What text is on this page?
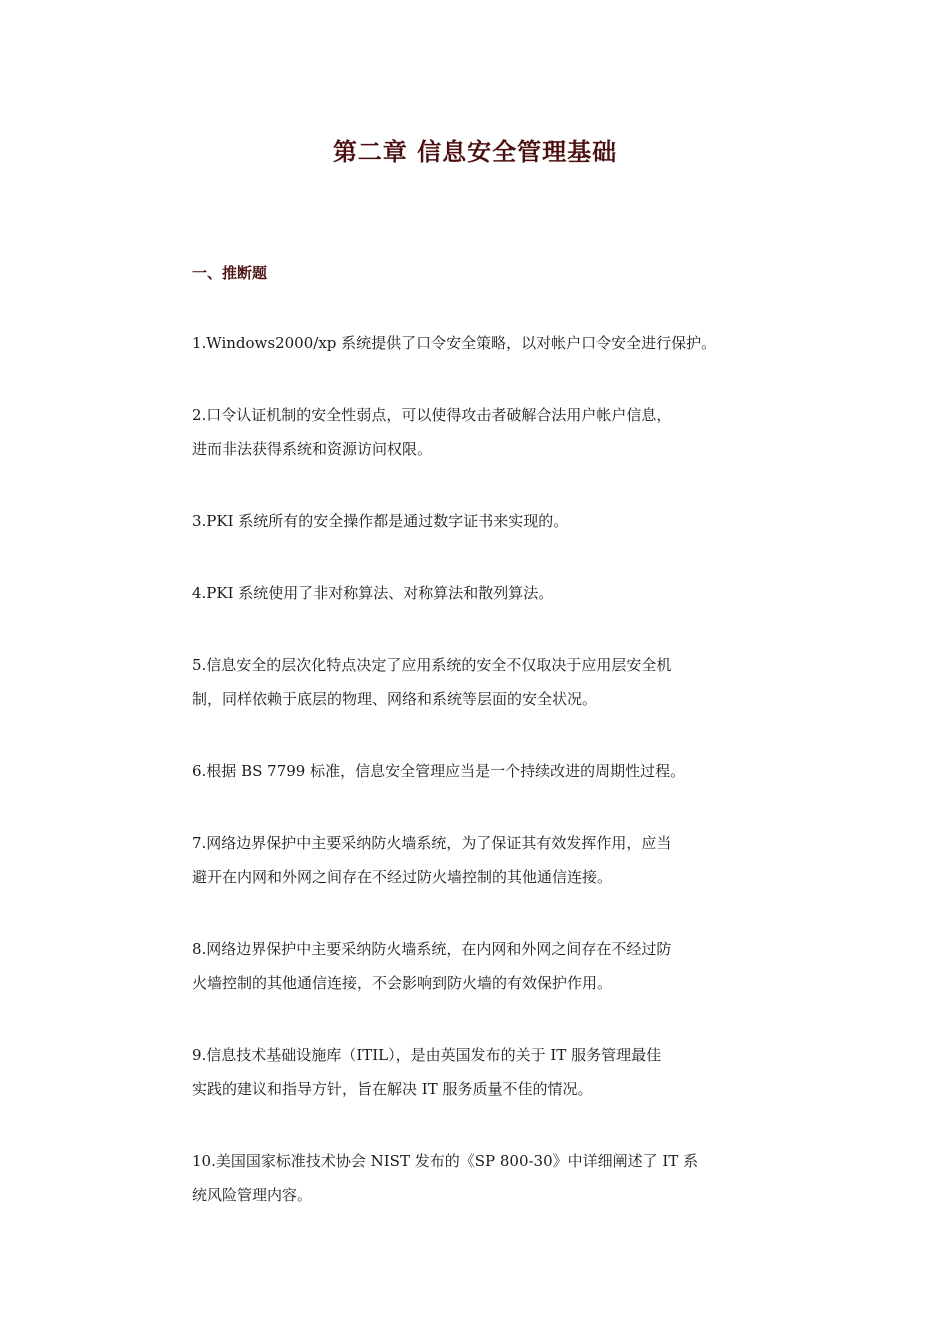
第二章 信息安全管理基础
一、推断题
1.Windows2000/xp 系统提供了口令安全策略，以对帐户口令安全进行保护。
2.口令认证机制的安全性弱点，可以使得攻击者破解合法用户帐户信息，
进而非法获得系统和资源访问权限。
3.PKI 系统所有的安全操作都是通过数字证书来实现的。
4.PKI 系统使用了非对称算法、对称算法和散列算法。
5.信息安全的层次化特点决定了应用系统的安全不仅取决于应用层安全机
制，同样依赖于底层的物理、网络和系统等层面的安全状况。
6.根据 BS 7799 标准，信息安全管理应当是一个持续改进的周期性过程。
7.网络边界保护中主要采纳防火墙系统，为了保证其有效发挥作用，应当
避开在内网和外网之间存在不经过防火墙控制的其他通信连接。
8.网络边界保护中主要采纳防火墙系统，在内网和外网之间存在不经过防
火墙控制的其他通信连接，不会影响到防火墙的有效保护作用。
9.信息技术基础设施库（ITIL），是由英国发布的关于 IT 服务管理最佳
实践的建议和指导方针，旨在解决 IT 服务质量不佳的情况。
10.美国国家标准技术协会 NIST 发布的《SP 800-30》中详细阐述了 IT 系
统风险管理内容。
